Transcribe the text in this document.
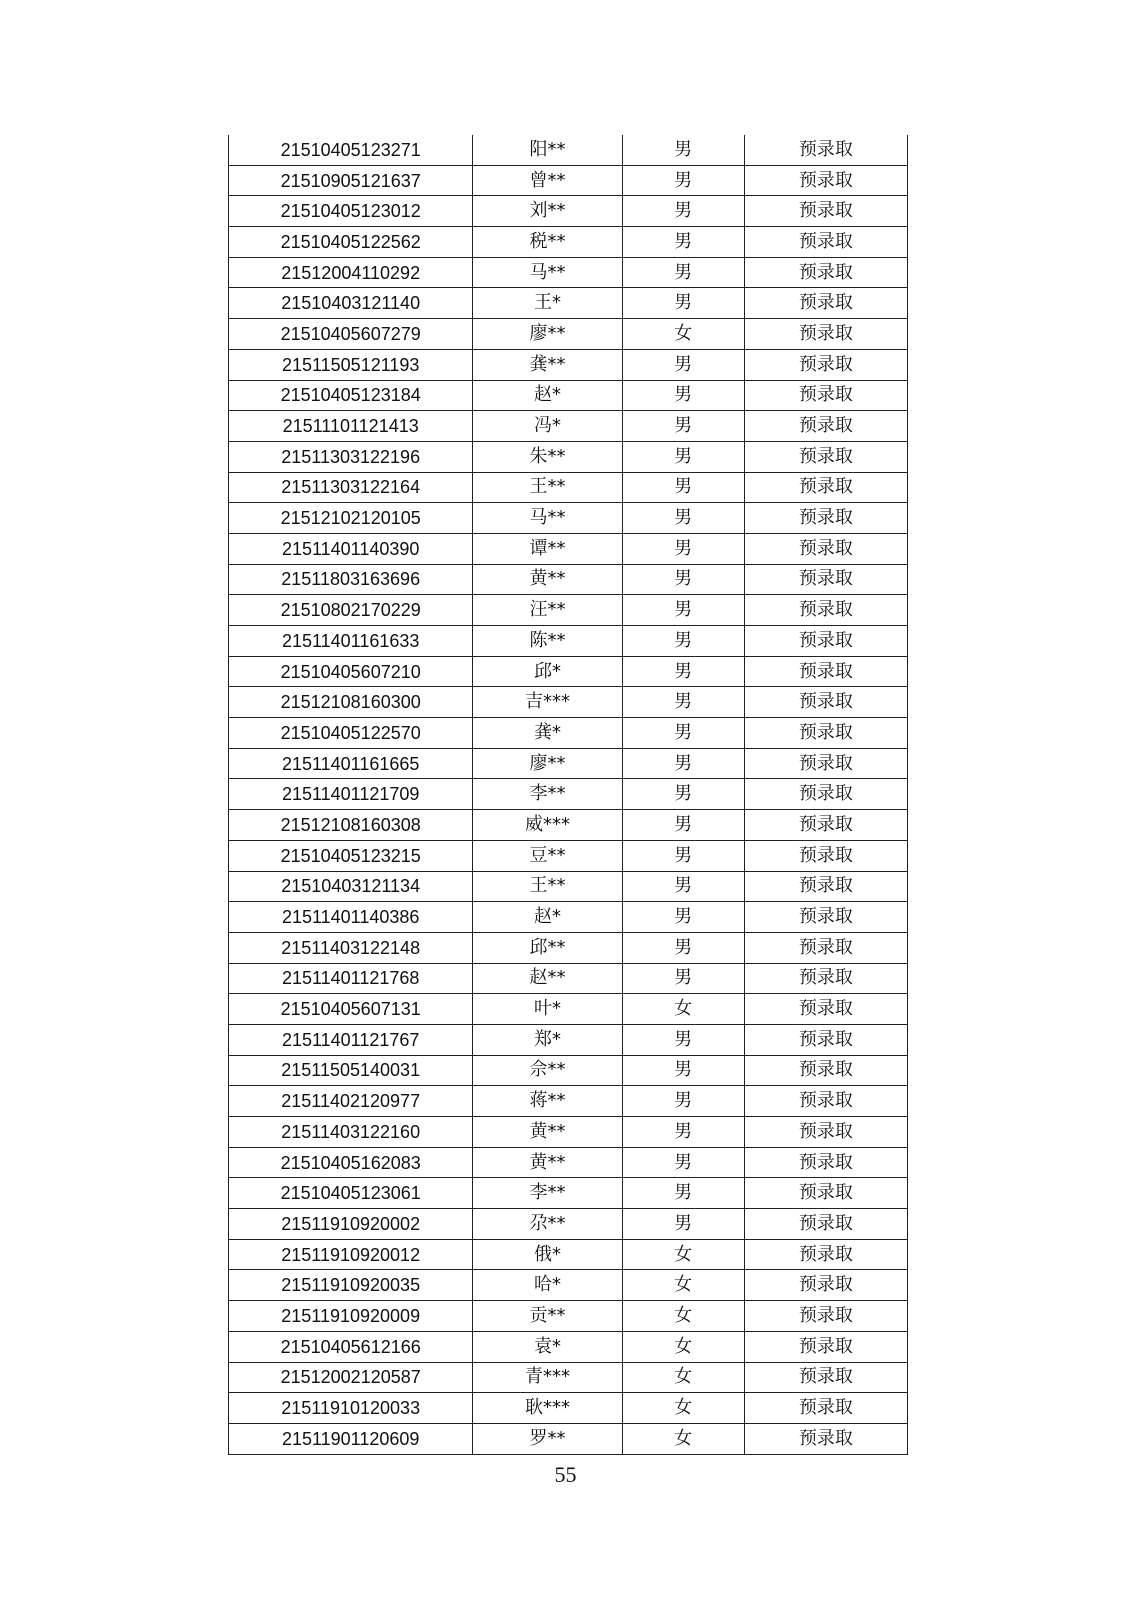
21510405123271	阳**	男	预录取
21510905121637	曾**	男	预录取
21510405123012	刘**	男	预录取
21510405122562	税**	男	预录取
21512004110292	马**	男	预录取
21510403121140	王*	男	预录取
21510405607279	廖**	女	预录取
21511505121193	龚**	男	预录取
21510405123184	赵*	男	预录取
21511101121413	冯*	男	预录取
21511303122196	朱**	男	预录取
21511303122164	王**	男	预录取
21512102120105	马**	男	预录取
21511401140390	谭**	男	预录取
21511803163696	黄**	男	预录取
21510802170229	汪**	男	预录取
21511401161633	陈**	男	预录取
21510405607210	邱*	男	预录取
21512108160300	吉***	男	预录取
21510405122570	龚*	男	预录取
21511401161665	廖**	男	预录取
21511401121709	李**	男	预录取
21512108160308	威***	男	预录取
21510405123215	豆**	男	预录取
21510403121134	王**	男	预录取
21511401140386	赵*	男	预录取
21511403122148	邱**	男	预录取
21511401121768	赵**	男	预录取
21510405607131	叶*	女	预录取
21511401121767	郑*	男	预录取
21511505140031	佘**	男	预录取
21511402120977	蒋**	男	预录取
21511403122160	黄**	男	预录取
21510405162083	黄**	男	预录取
21510405123061	李**	男	预录取
21511910920002	尕**	男	预录取
21511910920012	俄*	女	预录取
21511910920035	哈*	女	预录取
21511910920009	贡**	女	预录取
21510405612166	袁*	女	预录取
21512002120587	青***	女	预录取
21511910120033	耿***	女	预录取
21511901120609	罗**	女	预录取
55
